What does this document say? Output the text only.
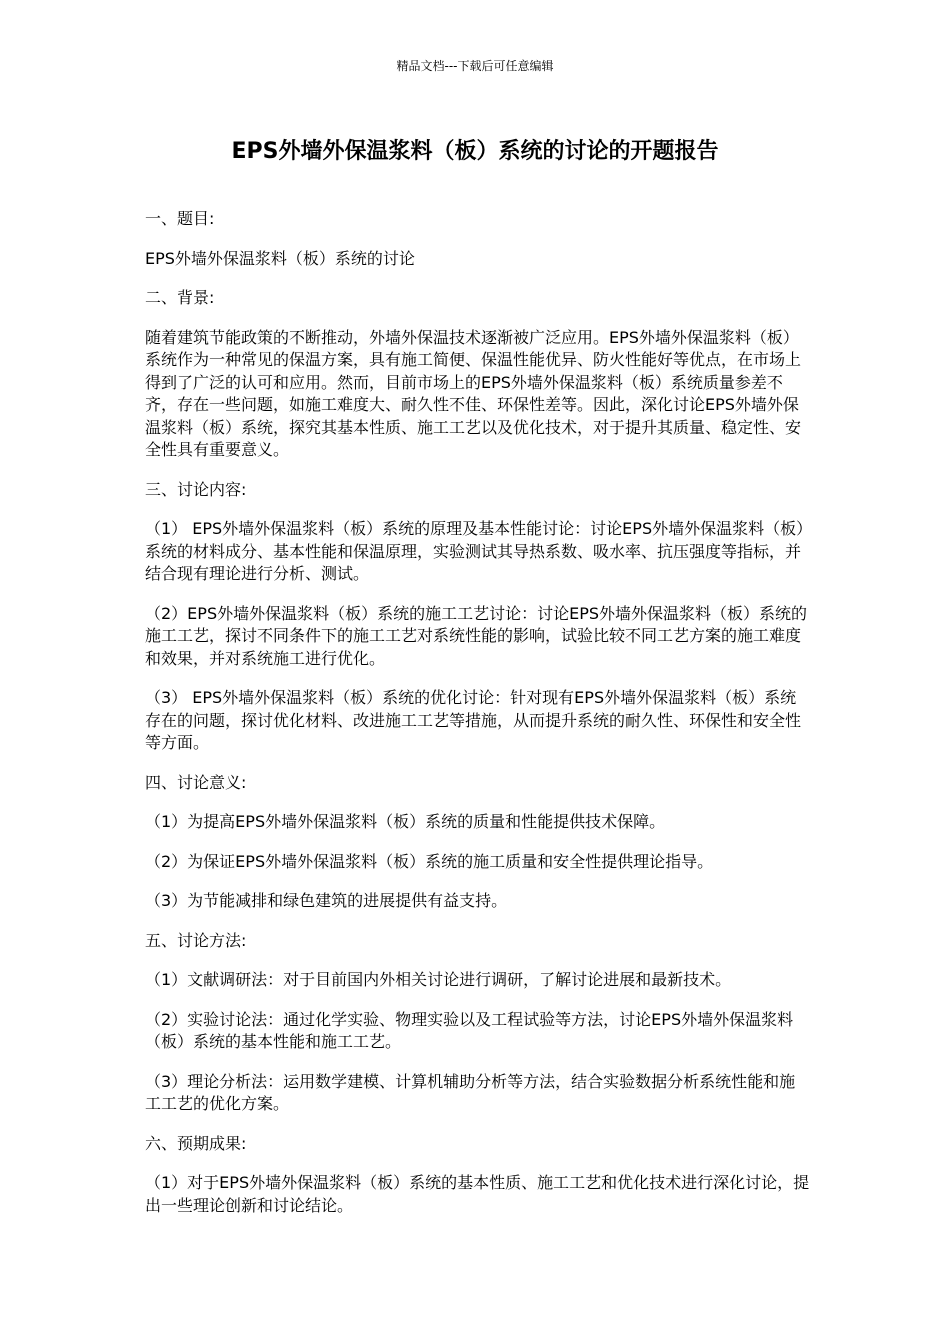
精品文档---下载后可任意编辑
EPS外墙外保温浆料（板）系统的讨论的开题报告

一、题目:

EPS外墙外保温浆料（板）系统的讨论

二、背景:

随着建筑节能政策的不断推动，外墙外保温技术逐渐被广泛应用。EPS外墙外保温浆料（板）系统作为一种常见的保温方案，具有施工简便、保温性能优异、防火性能好等优点，在市场上得到了广泛的认可和应用。然而，目前市场上的EPS外墙外保温浆料（板）系统质量参差不齐，存在一些问题，如施工难度大、耐久性不佳、环保性差等。因此，深化讨论EPS外墙外保温浆料（板）系统，探究其基本性质、施工工艺以及优化技术，对于提升其质量、稳定性、安全性具有重要意义。

三、讨论内容:

（1） EPS外墙外保温浆料（板）系统的原理及基本性能讨论：讨论EPS外墙外保温浆料（板）系统的材料成分、基本性能和保温原理，实验测试其导热系数、吸水率、抗压强度等指标，并结合现有理论进行分析、测试。

（2）EPS外墙外保温浆料（板）系统的施工工艺讨论：讨论EPS外墙外保温浆料（板）系统的施工工艺，探讨不同条件下的施工工艺对系统性能的影响，试验比较不同工艺方案的施工难度和效果，并对系统施工进行优化。

（3） EPS外墙外保温浆料（板）系统的优化讨论：针对现有EPS外墙外保温浆料（板）系统存在的问题，探讨优化材料、改进施工工艺等措施，从而提升系统的耐久性、环保性和安全性等方面。

四、讨论意义:

（1）为提高EPS外墙外保温浆料（板）系统的质量和性能提供技术保障。

（2）为保证EPS外墙外保温浆料（板）系统的施工质量和安全性提供理论指导。

（3）为节能减排和绿色建筑的进展提供有益支持。

五、讨论方法:

（1）文献调研法：对于目前国内外相关讨论进行调研，了解讨论进展和最新技术。

（2）实验讨论法：通过化学实验、物理实验以及工程试验等方法，讨论EPS外墙外保温浆料（板）系统的基本性能和施工工艺。

（3）理论分析法：运用数学建模、计算机辅助分析等方法，结合实验数据分析系统性能和施工工艺的优化方案。

六、预期成果:

（1）对于EPS外墙外保温浆料（板）系统的基本性质、施工工艺和优化技术进行深化讨论，提出一些理论创新和讨论结论。
